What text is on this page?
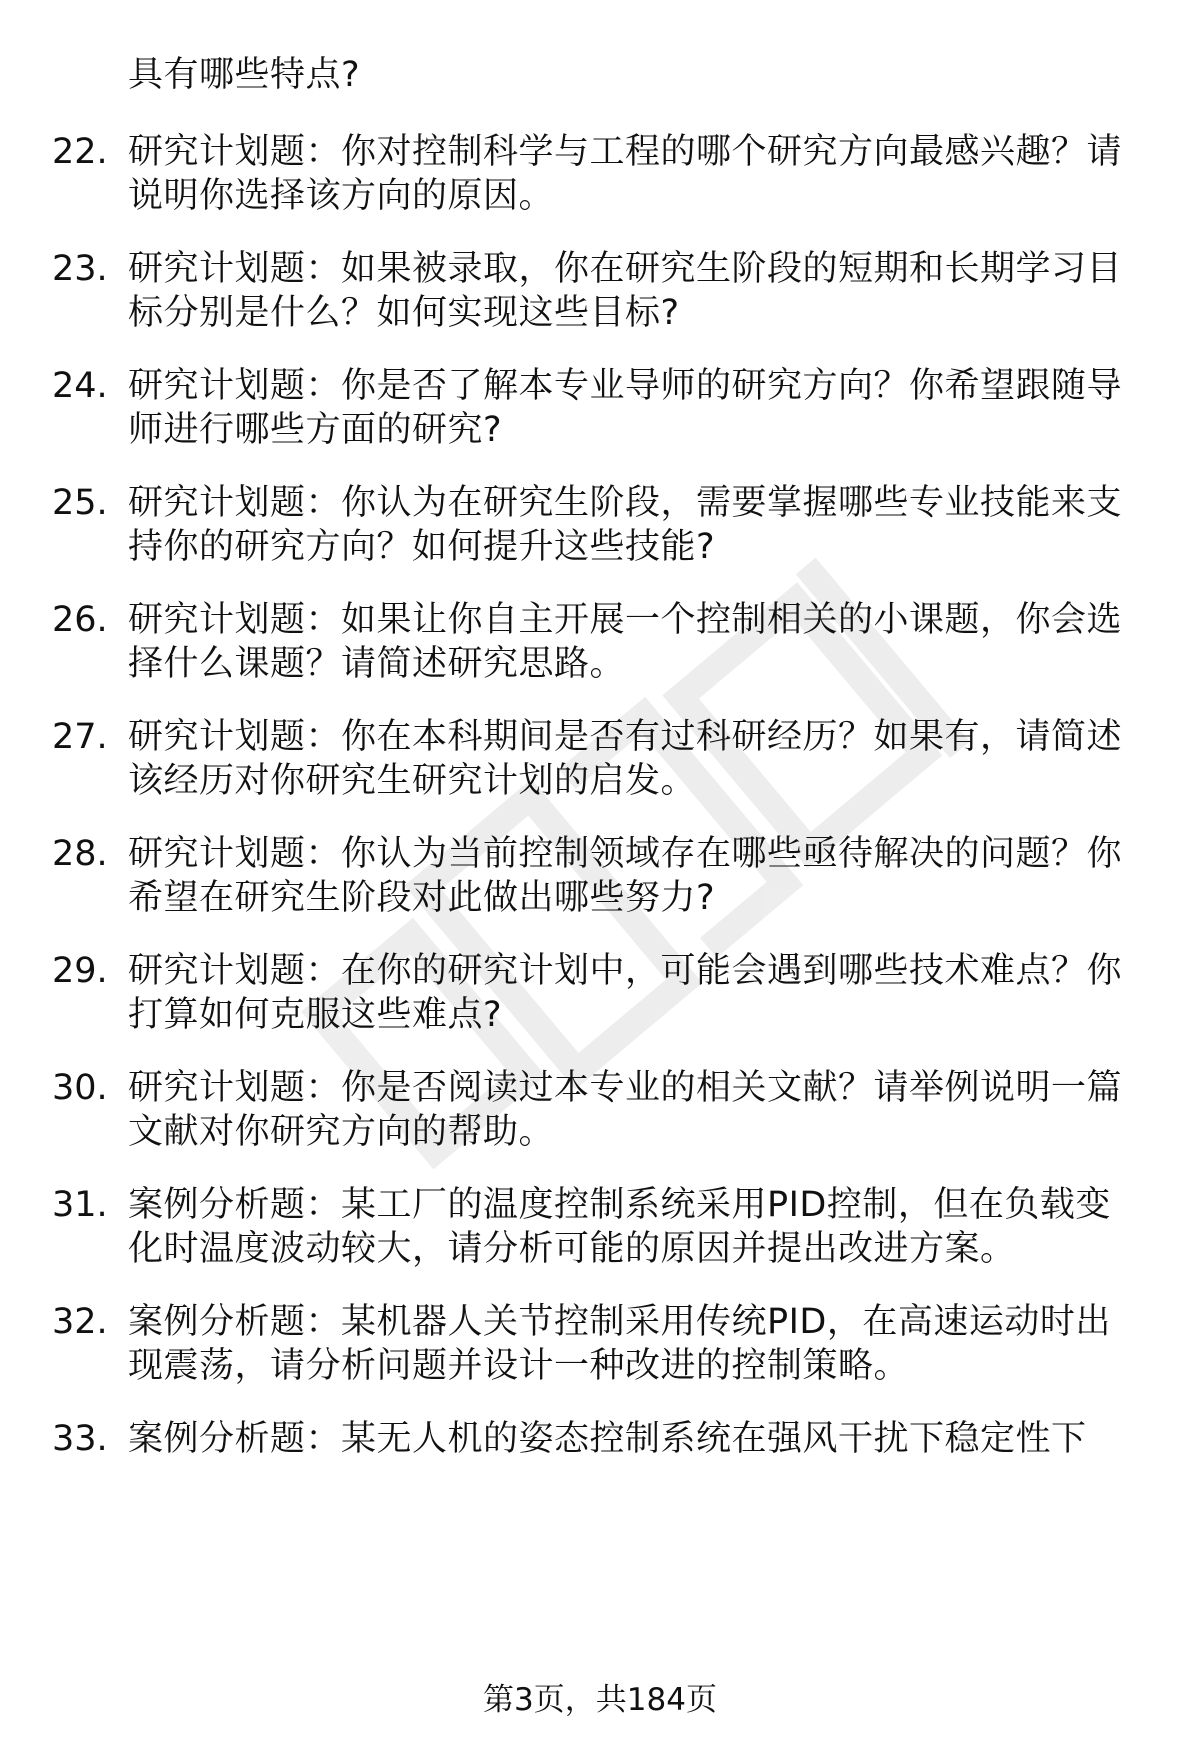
具有哪些特点?
22. 研究计划题：你对控制科学与工程的哪个研究方向最感兴趣？请
说明你选择该方向的原因。
23. 研究计划题：如果被录取，你在研究生阶段的短期和长期学习目
标分别是什么？如何实现这些目标?
24. 研究计划题：你是否了解本专业导师的研究方向？你希望跟随导
师进行哪些方面的研究?
25. 研究计划题：你认为在研究生阶段，需要掌握哪些专业技能来支
持你的研究方向？如何提升这些技能?
26. 研究计划题：如果让你自主开展一个控制相关的小课题，你会选
择什么课题？请简述研究思路。
27. 研究计划题：你在本科期间是否有过科研经历？如果有，请简述
该经历对你研究生研究计划的启发。
28. 研究计划题：你认为当前控制领域存在哪些亟待解决的问题？你
希望在研究生阶段对此做出哪些努力?
29. 研究计划题：在你的研究计划中，可能会遇到哪些技术难点？你
打算如何克服这些难点?
30. 研究计划题：你是否阅读过本专业的相关文献？请举例说明一篇
文献对你研究方向的帮助。
31. 案例分析题：某工厂的温度控制系统采用PID控制，但在负载变
化时温度波动较大，请分析可能的原因并提出改进方案。
32. 案例分析题：某机器人关节控制采用传统PID，在高速运动时出
现震荡，请分析问题并设计一种改进的控制策略。
33. 案例分析题：某无人机的姿态控制系统在强风干扰下稳定性下
第3页，共184页
